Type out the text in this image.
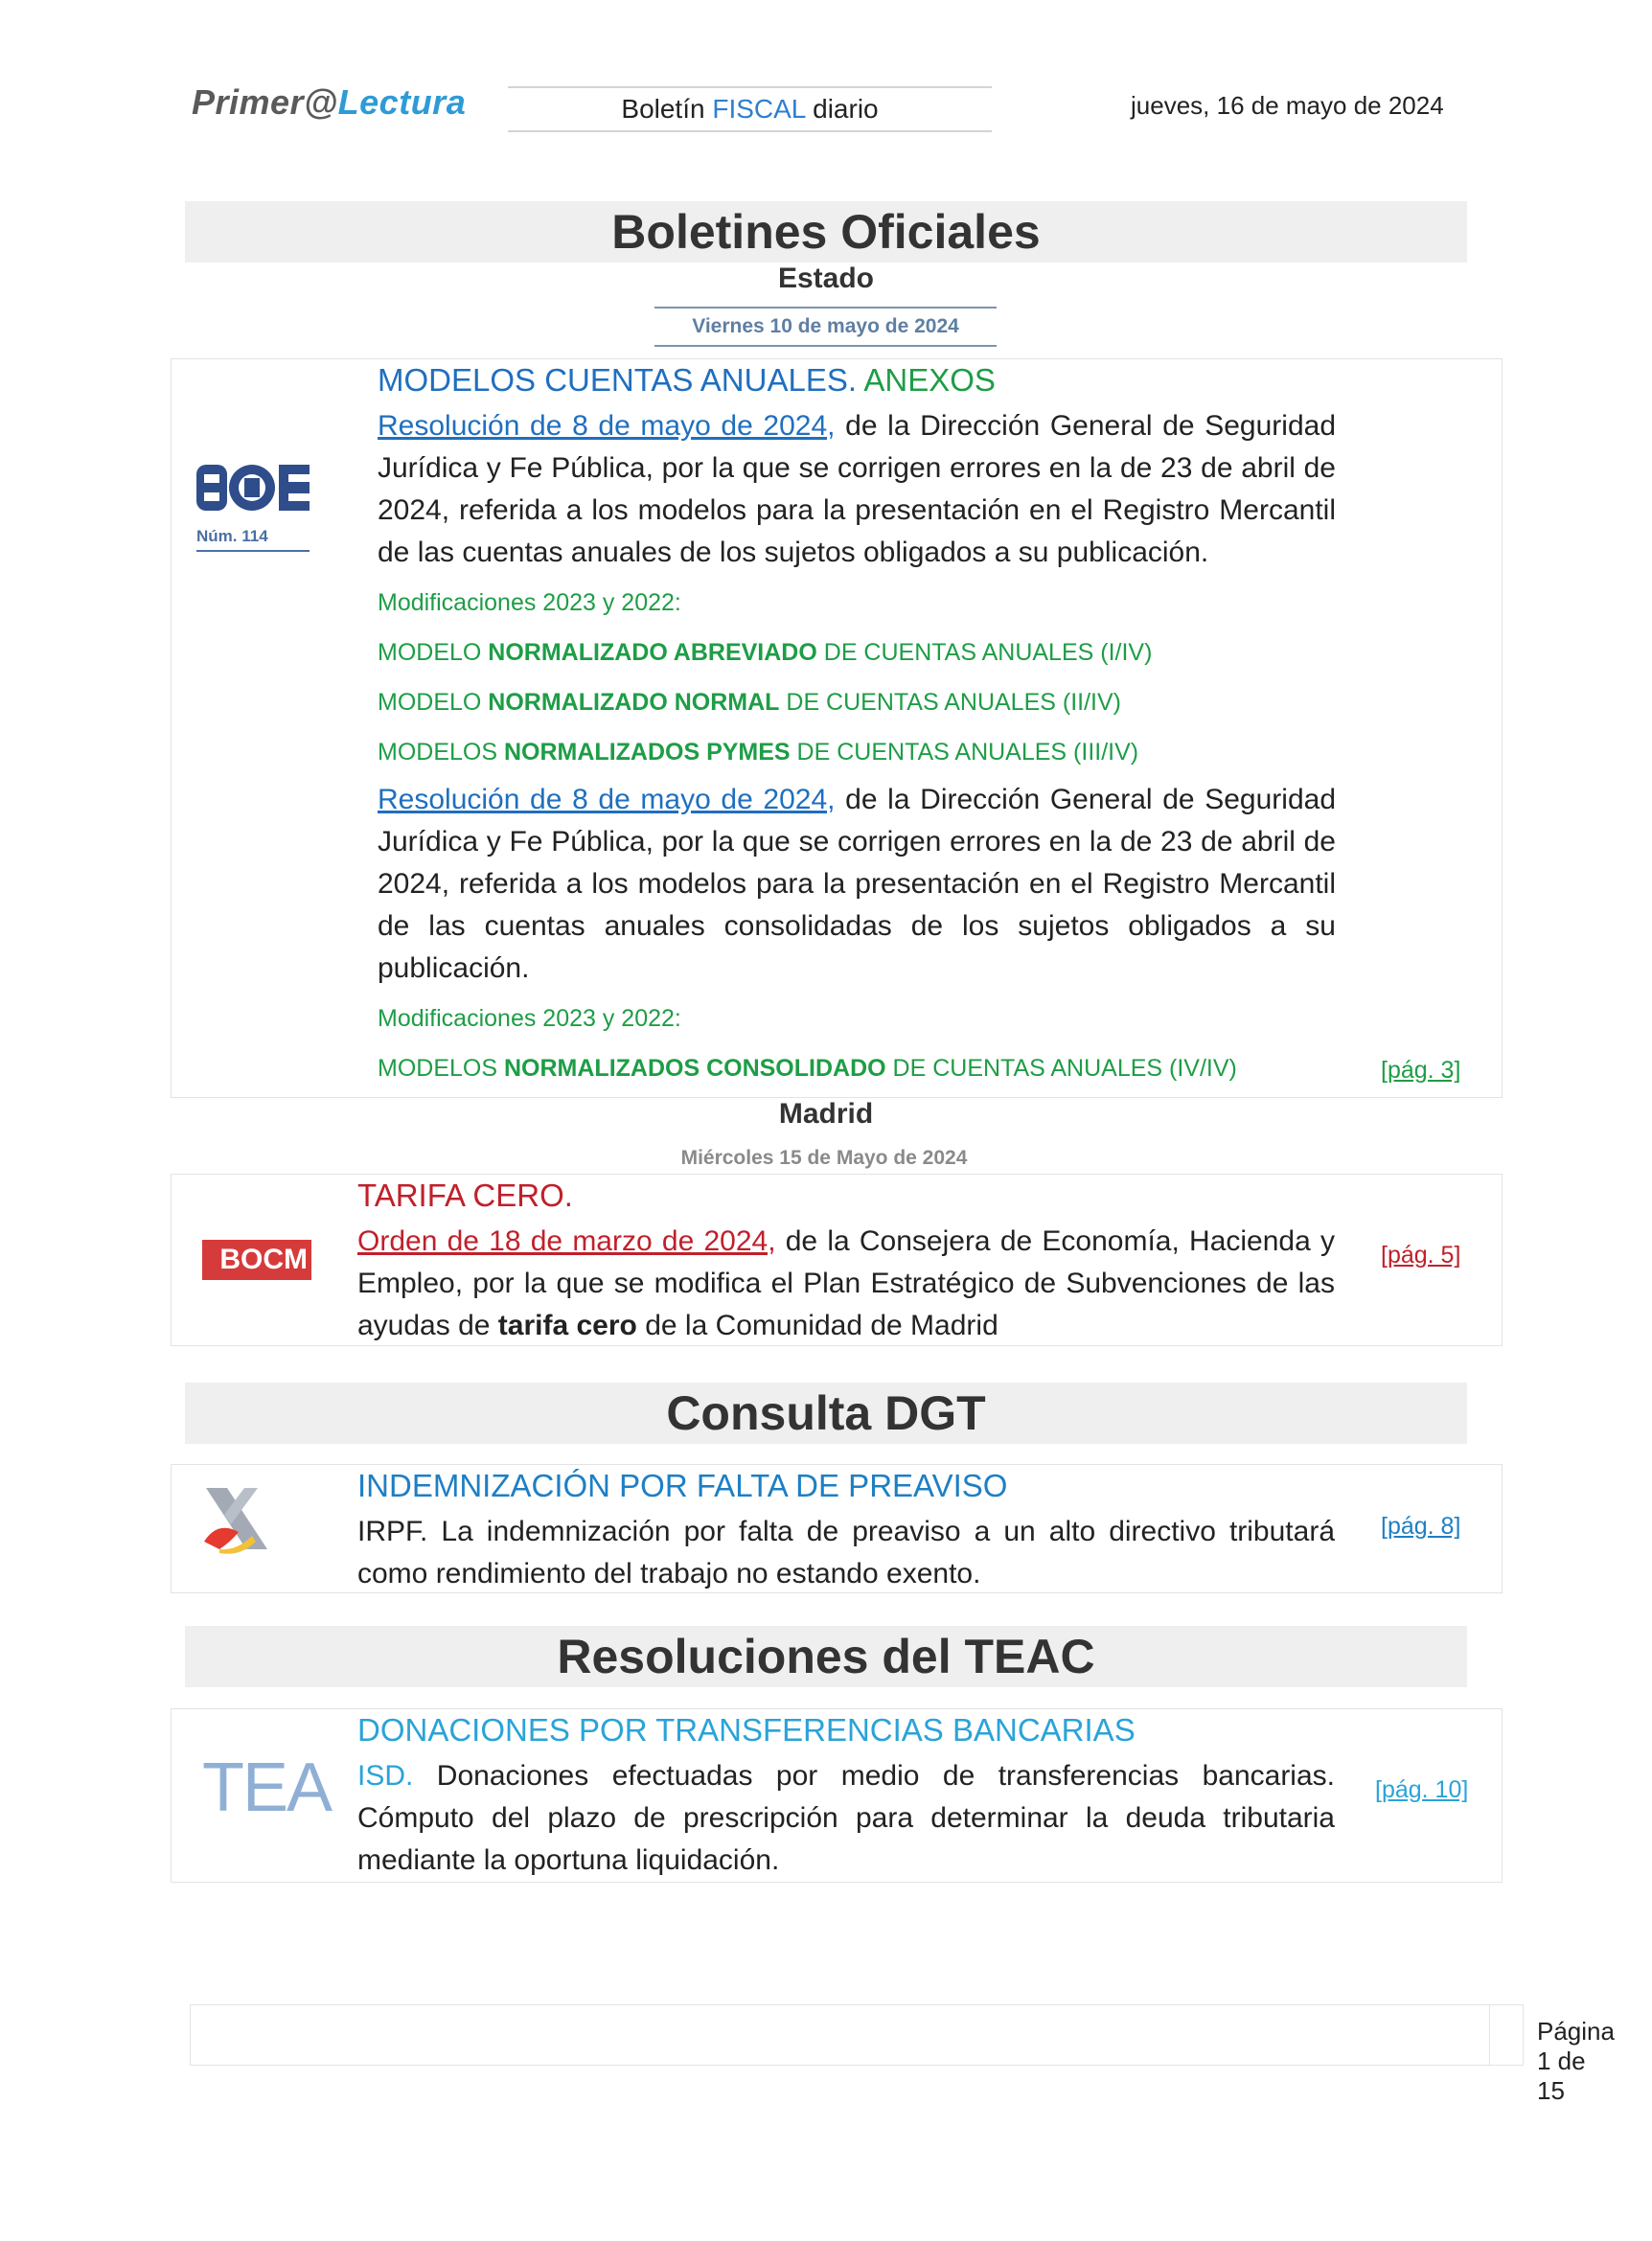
Primer@Lectura	Boletín FISCAL diario	jueves, 16 de mayo de 2024
Boletines Oficiales
Estado
Viernes 10 de mayo de 2024
Núm. 114
MODELOS CUENTAS ANUALES. ANEXOS
Resolución de 8 de mayo de 2024, de la Dirección General de Seguridad Jurídica y Fe Pública, por la que se corrigen errores en la de 23 de abril de 2024, referida a los modelos para la presentación en el Registro Mercantil de las cuentas anuales de los sujetos obligados a su publicación.
Modificaciones 2023 y 2022:
MODELO NORMALIZADO ABREVIADO DE CUENTAS ANUALES (I/IV)
MODELO NORMALIZADO NORMAL DE CUENTAS ANUALES (II/IV)
MODELOS NORMALIZADOS PYMES DE CUENTAS ANUALES (III/IV)
Resolución de 8 de mayo de 2024, de la Dirección General de Seguridad Jurídica y Fe Pública, por la que se corrigen errores en la de 23 de abril de 2024, referida a los modelos para la presentación en el Registro Mercantil de las cuentas anuales consolidadas de los sujetos obligados a su publicación.
Modificaciones 2023 y 2022:
MODELOS NORMALIZADOS CONSOLIDADO DE CUENTAS ANUALES (IV/IV)	[pág. 3]
Madrid
Miércoles 15 de Mayo de 2024
BOCM
TARIFA CERO.
Orden de 18 de marzo de 2024, de la Consejera de Economía, Hacienda y Empleo, por la que se modifica el Plan Estratégico de Subvenciones de las ayudas de tarifa cero de la Comunidad de Madrid
[pág. 5]
Consulta DGT
INDEMNIZACIÓN POR FALTA DE PREAVISO
IRPF. La indemnización por falta de preaviso a un alto directivo tributará como rendimiento del trabajo no estando exento.
[pág. 8]
Resoluciones del TEAC
TEA
DONACIONES POR TRANSFERENCIAS BANCARIAS
ISD. Donaciones efectuadas por medio de transferencias bancarias. Cómputo del plazo de prescripción para determinar la deuda tributaria mediante la oportuna liquidación.
[pág. 10]
Página 1 de 15
